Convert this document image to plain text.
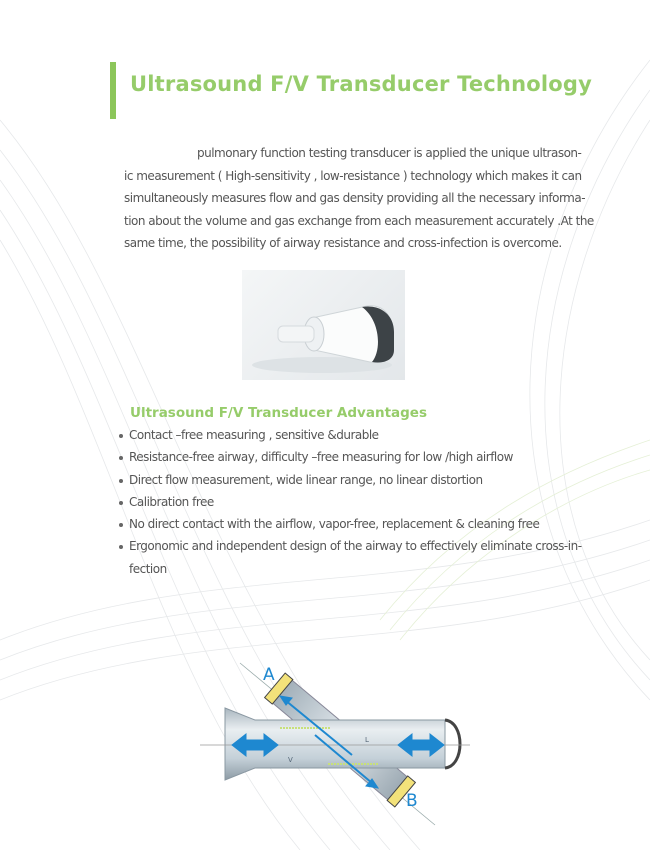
Ultrasound F/V Transducer Technology
pulmonary function testing transducer is applied the unique ultrason-
ic measurement ( High-sensitivity , low-resistance ) technology which makes it can
simultaneously measures flow and gas density providing all the necessary informa-
tion about the volume and gas exchange from each measurement accurately .At the
same time, the possibility of airway resistance and cross-infection is overcome.
Ultrasound F/V Transducer Advantages
Contact –free measuring , sensitive &durable
Resistance-free airway, difficulty –free measuring for low /high airflow
Direct flow measurement, wide linear range, no linear distortion
Calibration free
No direct contact with the airflow, vapor-free, replacement & cleaning free
Ergonomic and independent design of the airway to effectively eliminate cross-in-fection
A
B
L
V
